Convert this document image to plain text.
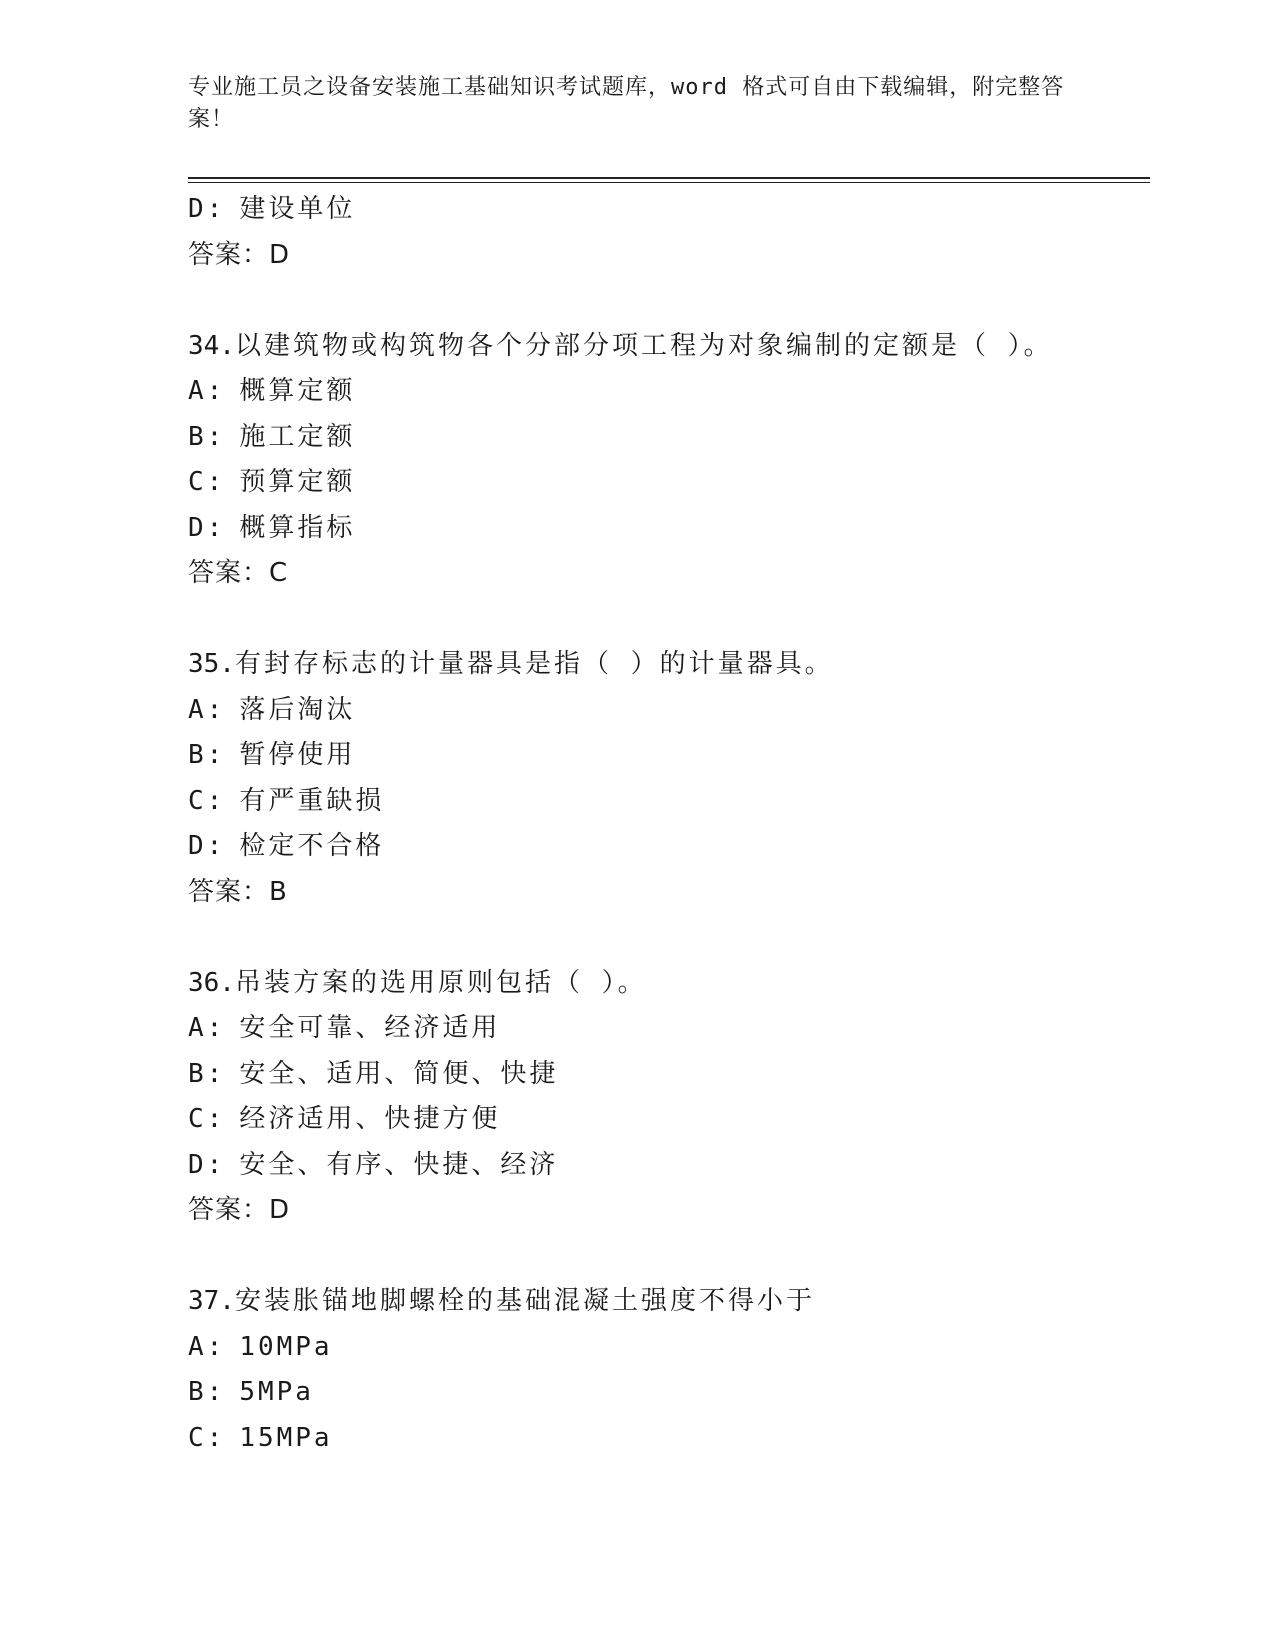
专业施工员之设备安装施工基础知识考试题库，word 格式可自由下载编辑，附完整答案！
D: 建设单位
答案：D
34.以建筑物或构筑物各个分部分项工程为对象编制的定额是（ ）。
A: 概算定额
B: 施工定额
C: 预算定额
D: 概算指标
答案：C
35.有封存标志的计量器具是指（ ）的计量器具。
A: 落后淘汰
B: 暂停使用
C: 有严重缺损
D: 检定不合格
答案：B
36.吊装方案的选用原则包括（ ）。
A: 安全可靠、经济适用
B: 安全、适用、简便、快捷
C: 经济适用、快捷方便
D: 安全、有序、快捷、经济
答案：D
37.安装胀锚地脚螺栓的基础混凝土强度不得小于
A: 10MPa
B: 5MPa
C: 15MPa
